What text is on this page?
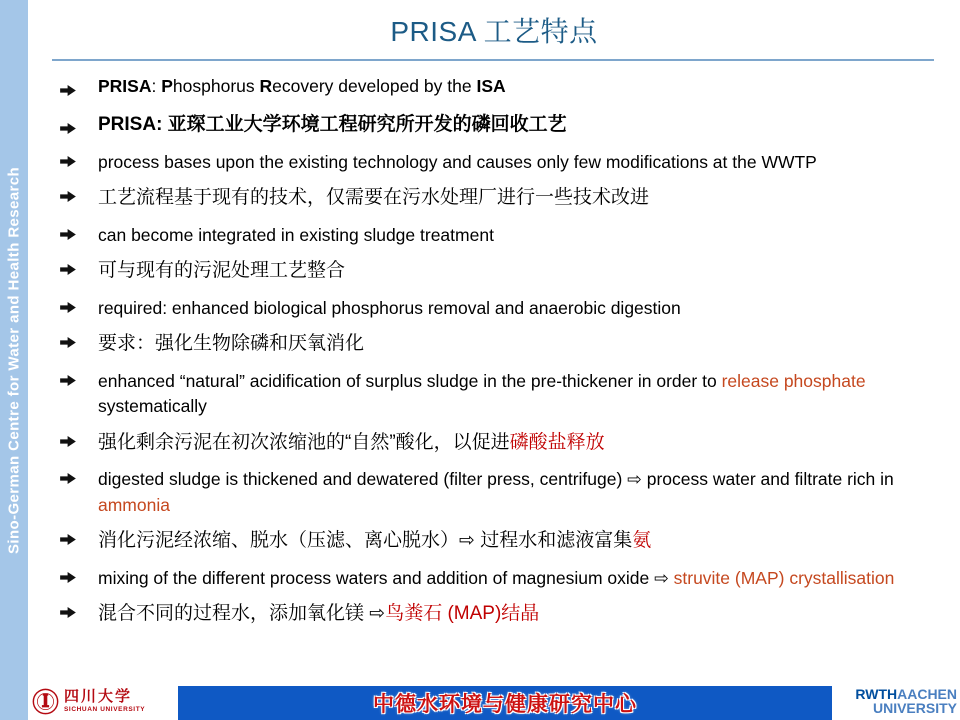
Sino-German Centre for Water and Health Research
PRISA 工艺特点
PRISA: Phosphorus Recovery developed by the ISA
PRISA: 亚琛工业大学环境工程研究所开发的磷回收工艺
process bases upon the existing technology and causes only few modifications at the WWTP
工艺流程基于现有的技术，仅需要在污水处理厂进行一些技术改进
can become integrated in existing sludge treatment
可与现有的污泥处理工艺整合
required: enhanced biological phosphorus removal and anaerobic digestion
要求：强化生物除磷和厌氧消化
enhanced “natural” acidification of surplus sludge in the pre-thickener in order to release phosphate systematically
强化剩余污泥在初次浓缩池的“自然”酸化，以促进磷酸盐释放
digested sludge is thickened and dewatered (filter press, centrifuge) ⇨ process water and filtrate rich in ammonia
消化污泥经浓缩、脱水（压滤、离心脱水）⇨ 过程水和滤液富集氨
mixing of the different process waters and addition of magnesium oxide ⇨ struvite (MAP) crystallisation
混合不同的过程水，添加氧化镁 ⇨鸟粪石 (MAP)结晶
四川大学
SICHUAN UNIVERSITY	中德水环境与健康研究中心	RWTHAACHEN
UNIVERSITY
